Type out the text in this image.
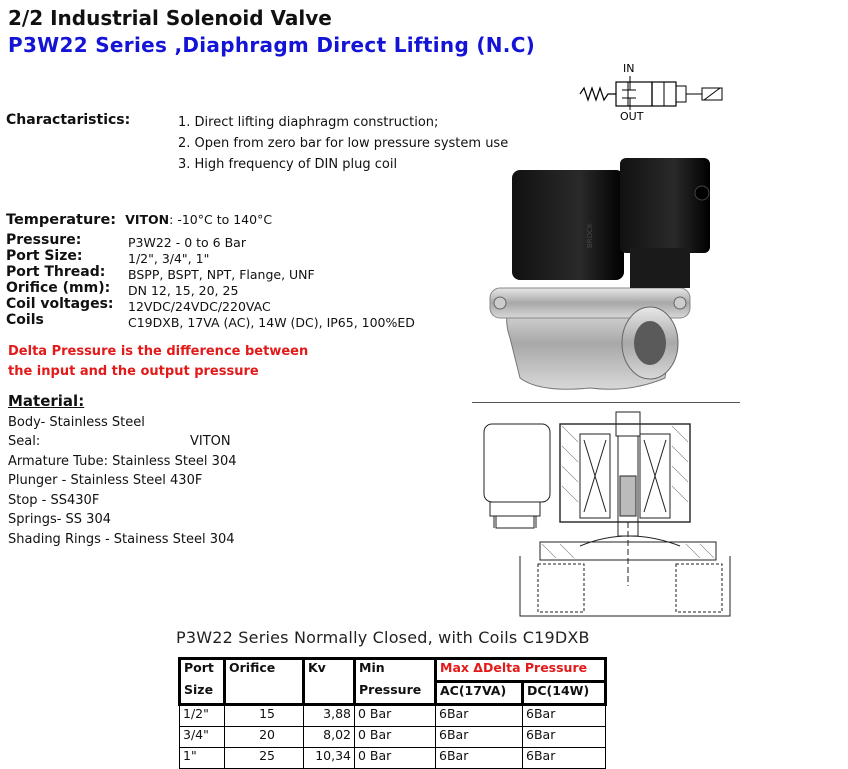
2/2 Industrial Solenoid Valve
P3W22 Series ,Diaphragm Direct Lifting (N.C)
IN
OUT
Charactaristics:	1. Direct lifting diaphragm construction;
2. Open from zero bar for low pressure system use
3. High frequency of DIN plug coil
Temperature: VITON: -10°C to 140°C
Pressure:	P3W22 - 0 to 6 Bar
Port Size:	1/2", 3/4", 1"
Port Thread: BSPP, BSPT, NPT, Flange, UNF
Orifice (mm): DN 12, 15, 20, 25
Coil voltages: 12VDC/24VDC/220VAC
Coils	C19DXB, 17VA (AC), 14W (DC), IP65, 100%ED
Delta Pressure is the difference between
the input and the output pressure
Material:
Body- Stainless Steel
Seal:	VITON
Armature Tube: Stainless Steel 304
Plunger - Stainless Steel 430F
Stop - SS430F
Springs- SS 304
Shading Rings - Stainess Steel 304
BROCK
P3W22 Series Normally Closed, with Coils C19DXB
Port	Orifice	Kv	Min	Max ΔDelta Pressure	
Size			Pressure	AC(17VA)	DC(14W)
1/2"	15	3,88	0 Bar	6Bar	6Bar
3/4"	20	8,02	0 Bar	6Bar	6Bar
1"	25	10,34	0 Bar	6Bar	6Bar
